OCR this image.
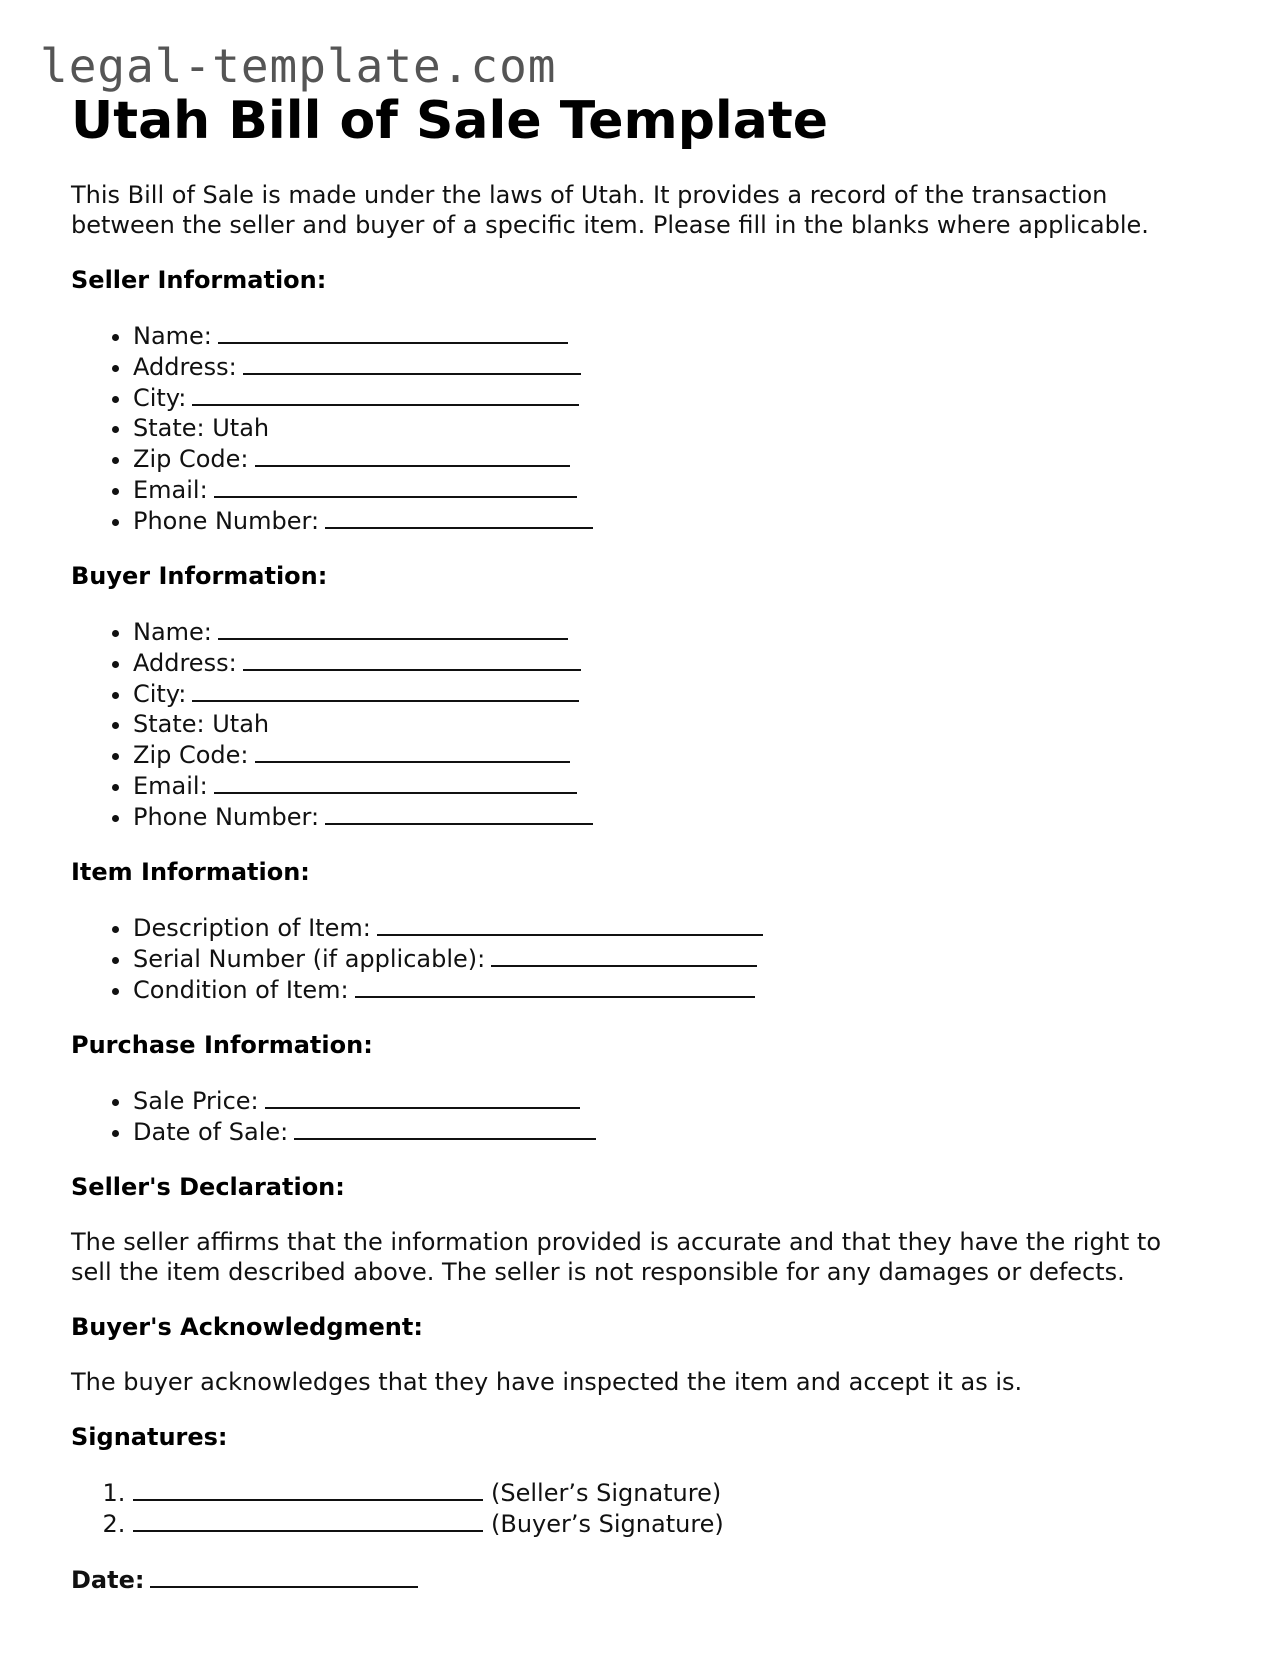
legal-template.com
Utah Bill of Sale Template

This Bill of Sale is made under the laws of Utah. It provides a record of the transaction

between the seller and buyer of a specific item. Please fill in the blanks where applicable.

Seller Information:
• Name:
• Address:
• City:
• State: Utah
• Zip Code:
• Email:
• Phone Number:
Buyer Information:
• Name:
• Address:
• City:
• State: Utah
• Zip Code:
• Email:
• Phone Number:
Item Information:
• Description of Item:
• Serial Number (if applicable):
• Condition of Item:
Purchase Information:
• Sale Price:
• Date of Sale:
Seller's Declaration:

The seller affirms that the information provided is accurate and that they have the right to

sell the item described above. The seller is not responsible for any damages or defects.

Buyer's Acknowledgment:

The buyer acknowledges that they have inspected the item and accept it as is.

Signatures:
1. (Seller’s Signature)
2. (Buyer’s Signature)

Date:
